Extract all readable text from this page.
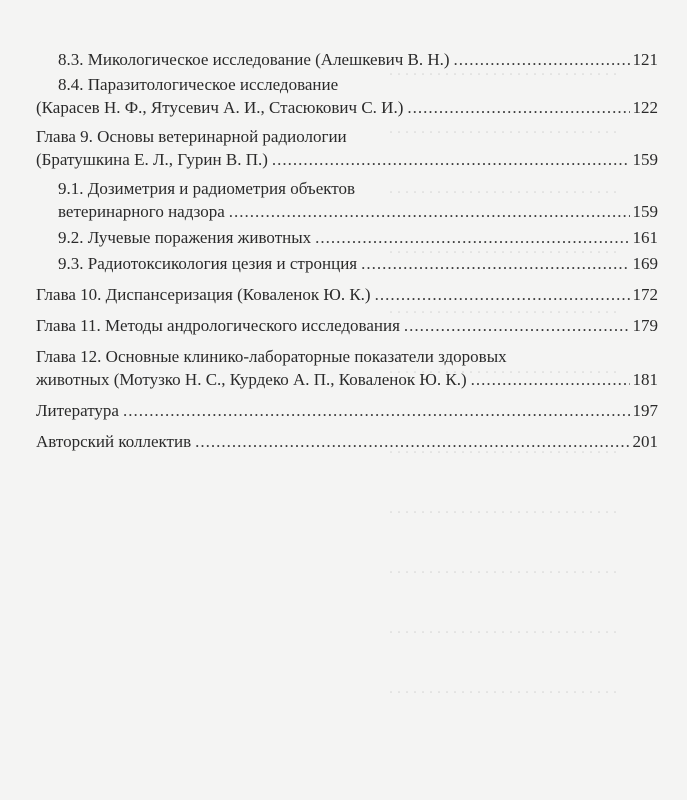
. . . . . . . . . . . . . . . . . . . . . . . . . . . . .
. . . . . . . . . . . . . . . . . . . . . . . . . . . . .
. . . . . . . . . . . . . . . . . . . . . . . . . . . . .
. . . . . . . . . . . . . . . . . . . . . . . . . . . . .
. . . . . . . . . . . . . . . . . . . . . . . . . . . . .
. . . . . . . . . . . . . . . . . . . . . . . . . . . . .
. . . . . . . . . . . . . . . . . . . . . . . . . . . . .
. . . . . . . . . . . . . . . . . . . . . . . . . . . . .
. . . . . . . . . . . . . . . . . . . . . . . . . . . . .
. . . . . . . . . . . . . . . . . . . . . . . . . . . . .
. . . . . . . . . . . . . . . . . . . . . . . . . . . . .
8.3. Микологическое исследование (Алешкевич В. Н.) .....	121
8.4. Паразитологическое исследование
(Карасев Н. Ф., Ятусевич А. И., Стасюкович С. И.) .....	122
Глава 9. Основы ветеринарной радиологии
(Братушкина Е. Л., Гурин В. П.) .....	159
9.1. Дозиметрия и радиометрия объектов
ветеринарного надзора .....	159
9.2. Лучевые поражения животных .....	161
9.3. Радиотоксикология цезия и стронция .....	169
Глава 10. Диспансеризация (Коваленок Ю. К.) .....	172
Глава 11. Методы андрологического исследования .....	179
Глава 12. Основные клинико-лабораторные показатели здоровых
животных (Мотузко Н. С., Курдеко А. П., Коваленок Ю. К.) .....	181
Литература .....	197
Авторский коллектив .....	201
